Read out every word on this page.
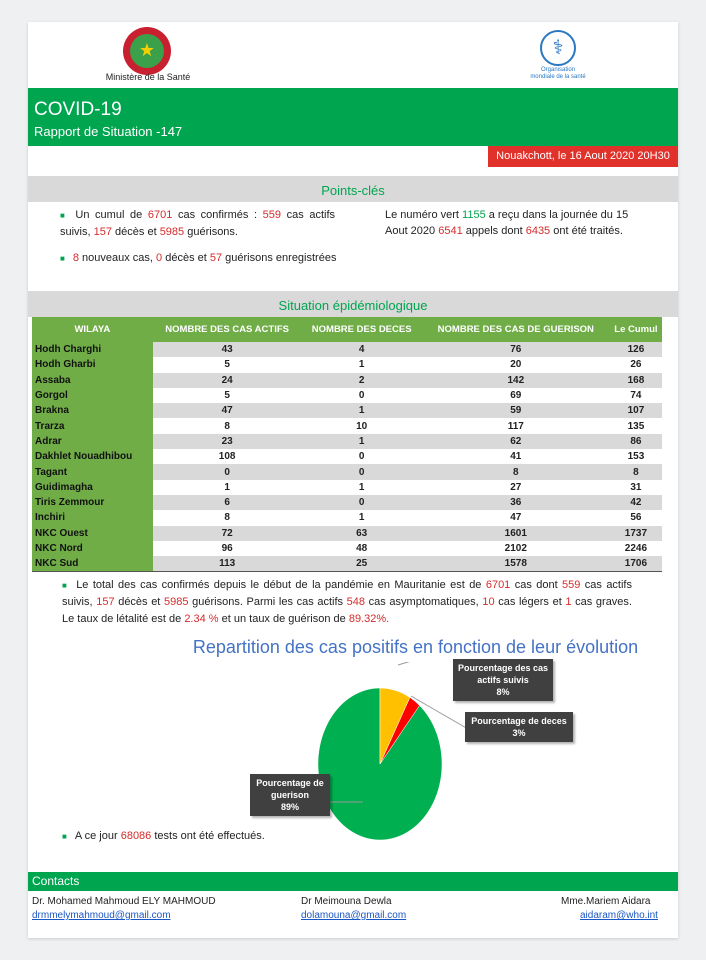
★
Ministère de la Santé
⚕
Organisation
mondiale de la santé
COVID-19
Rapport de Situation -147
Nouakchott, le 16 Aout 2020 20H30
Points-clés
■ Un cumul de 6701 cas confirmés : 559 cas actifs suivis, 157 décès et 5985 guérisons.
■ 8 nouveaux cas, 0 décès et 57 guérisons enregistrées
Le numéro vert 1155 a reçu dans la journée du 15 Aout 2020 6541 appels dont 6435 ont été traités.
Situation épidémiologique
WILAYA	NOMBRE DES CAS ACTIFS	NOMBRE DES DECES	NOMBRE DES CAS DE GUERISON	Le Cumul
Hodh Charghi	43	4	76	126
Hodh Gharbi	5	1	20	26
Assaba	24	2	142	168
Gorgol	5	0	69	74
Brakna	47	1	59	107
Trarza	8	10	117	135
Adrar	23	1	62	86
Dakhlet Nouadhibou	108	0	41	153
Tagant	0	0	8	8
Guidimagha	1	1	27	31
Tiris Zemmour	6	0	36	42
Inchiri	8	1	47	56
NKC Ouest	72	63	1601	1737
NKC Nord	96	48	2102	2246
NKC Sud	113	25	1578	1706
■ Le total des cas confirmés depuis le début de la pandémie en Mauritanie est de 6701 cas dont 559 cas actifs suivis, 157 décès et 5985 guérisons. Parmi les cas actifs 548 cas asymptomatiques, 10 cas légers et 1 cas graves. Le taux de létalité est de 2.34 % et un taux de guérison de 89.32%.
Repartition des cas positifs en fonction de leur évolution
Pourcentage des cas actifs suivis
8%
Pourcentage de deces
3%
Pourcentage de guerison
89%
■ A ce jour 68086 tests ont été effectués.
Contacts
Dr. Mohamed Mahmoud ELY MAHMOUD
drmmelymahmoud@gmail.com
Dr Meimouna Dewla
dolamouna@gmail.com
Mme.Mariem Aidara
aidaram@who.int
